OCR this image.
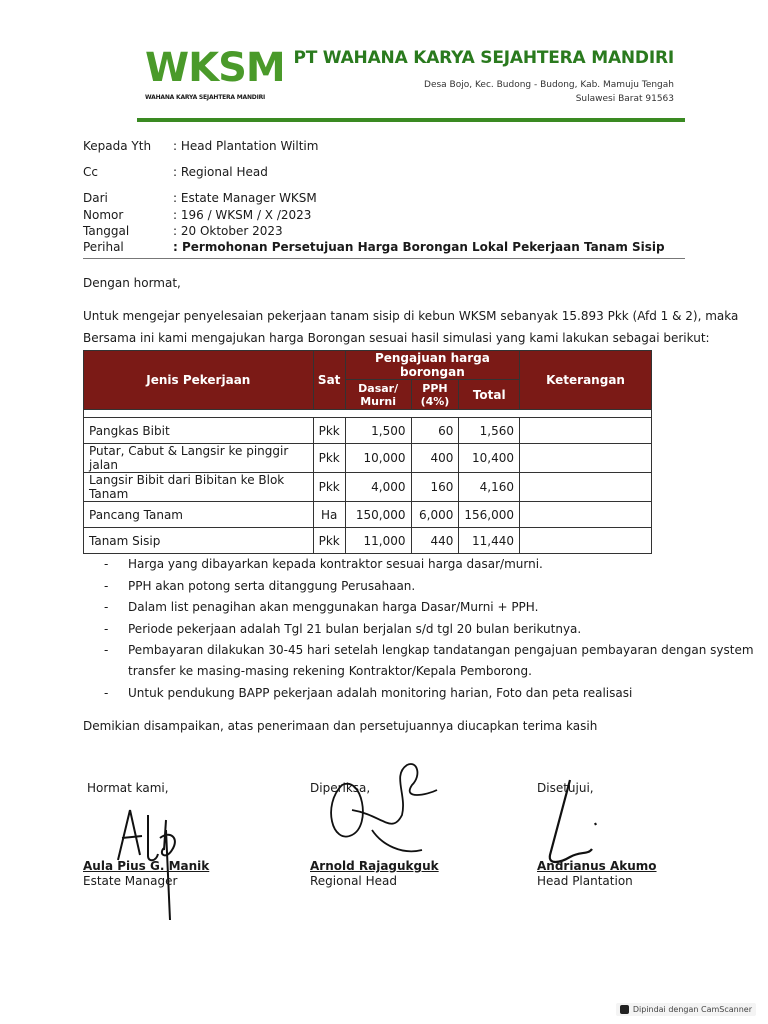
WKSM
WAHANA KARYA SEJAHTERA MANDIRI
PT WAHANA KARYA SEJAHTERA MANDIRI
Desa Bojo, Kec. Budong - Budong, Kab. Mamuju Tengah
Sulawesi Barat 91563
Kepada Yth : Head Plantation Wiltim
Cc	: Regional Head
Dari	: Estate Manager WKSM
Nomor	: 196 / WKSM / X /2023
Tanggal	: 20 Oktober 2023
Perihal	: Permohonan Persetujuan Harga Borongan Lokal Pekerjaan Tanam Sisip
Dengan hormat,
Untuk mengejar penyelesaian pekerjaan tanam sisip di kebun WKSM sebanyak 15.893 Pkk (Afd 1 & 2), maka
Bersama ini kami mengajukan harga Borongan sesuai hasil simulasi yang kami lakukan sebagai berikut:
Jenis Pekerjaan	Sat	Pengajuan harga borongan			Keterangan
		Dasar/ Murni	PPH (4%)	Total	

Pangkas Bibit	Pkk	1,500	60	1,560	
Putar, Cabut & Langsir ke pinggir jalan	Pkk	10,000	400	10,400	
Langsir Bibit dari Bibitan ke Blok Tanam	Pkk	4,000	160	4,160	
Pancang Tanam	Ha	150,000	6,000	156,000	
Tanam Sisip	Pkk	11,000	440	11,440	
- Harga yang dibayarkan kepada kontraktor sesuai harga dasar/murni.
- PPH akan potong serta ditanggung Perusahaan.
- Dalam list penagihan akan menggunakan harga Dasar/Murni + PPH.
- Periode pekerjaan adalah Tgl 21 bulan berjalan s/d tgl 20 bulan berikutnya.
- Pembayaran dilakukan 30-45 hari setelah lengkap tandatangan pengajuan pembayaran dengan system
transfer ke masing-masing rekening Kontraktor/Kepala Pemborong.
- Untuk pendukung BAPP pekerjaan adalah monitoring harian, Foto dan peta realisasi
Demikian disampaikan, atas penerimaan dan persetujuannya diucapkan terima kasih
Hormat kami,	Diperiksa,	Disetujui,
Aula Pius G. Manik	Arnold Rajagukguk	Andrianus Akumo
Estate Manager	Regional Head	Head Plantation
Dipindai dengan CamScanner
